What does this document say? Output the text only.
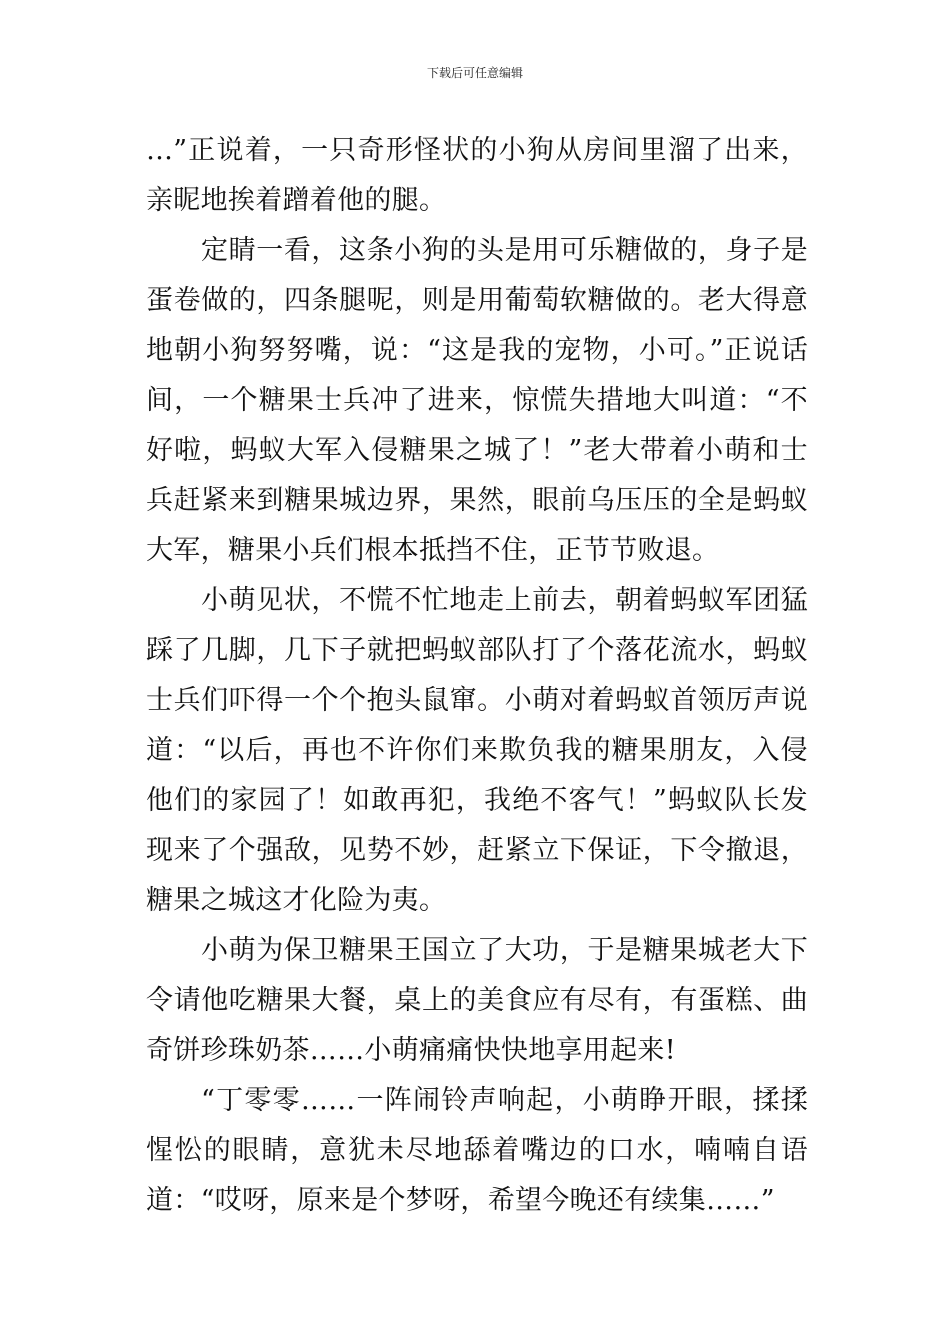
下载后可任意编辑

…”正说着，一只奇形怪状的小狗从房间里溜了出来，亲昵地挨着蹭着他的腿。

定睛一看，这条小狗的头是用可乐糖做的，身子是蛋卷做的，四条腿呢，则是用葡萄软糖做的。老大得意地朝小狗努努嘴，说：“这是我的宠物，小可。”正说话间，一个糖果士兵冲了进来，惊慌失措地大叫道：“不好啦，蚂蚁大军入侵糖果之城了！”老大带着小萌和士兵赶紧来到糖果城边界，果然，眼前乌压压的全是蚂蚁大军，糖果小兵们根本抵挡不住，正节节败退。

小萌见状，不慌不忙地走上前去，朝着蚂蚁军团猛踩了几脚，几下子就把蚂蚁部队打了个落花流水，蚂蚁士兵们吓得一个个抱头鼠窜。小萌对着蚂蚁首领厉声说道：“以后，再也不许你们来欺负我的糖果朋友，入侵他们的家园了！如敢再犯，我绝不客气！”蚂蚁队长发现来了个强敌，见势不妙，赶紧立下保证，下令撤退，糖果之城这才化险为夷。

小萌为保卫糖果王国立了大功，于是糖果城老大下令请他吃糖果大餐，桌上的美食应有尽有，有蛋糕、曲奇饼珍珠奶茶……小萌痛痛快快地享用起来!

“丁零零……一阵闹铃声响起，小萌睁开眼，揉揉惺忪的眼睛，意犹未尽地舔着嘴边的口水，喃喃自语道：“哎呀，原来是个梦呀，希望今晚还有续集……”
